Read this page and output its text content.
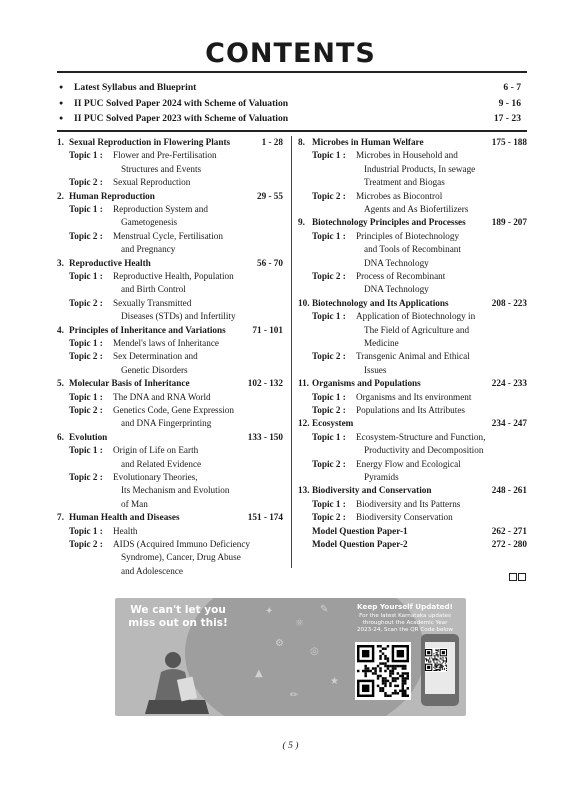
CONTENTS
● Latest Syllabus and Blueprint	6 - 7
● II PUC Solved Paper 2024 with Scheme of Valuation	9 - 16
● II PUC Solved Paper 2023 with Scheme of Valuation	17 - 23
1. Sexual Reproduction in Flowering Plants	1 - 28
Topic 1 :	Flower and Pre-Fertilisation
Structures and Events
Topic 2 :	Sexual Reproduction
2. Human Reproduction	29 - 55
Topic 1 :	Reproduction System and
Gametogenesis
Topic 2 :	Menstrual Cycle, Fertilisation
and Pregnancy
3. Reproductive Health	56 - 70
Topic 1 :	Reproductive Health, Population
and Birth Control
Topic 2 :	Sexually Transmitted
Diseases (STDs) and Infertility
4. Principles of Inheritance and Variations	71 - 101
Topic 1 :	Mendel's laws of Inheritance
Topic 2 :	Sex Determination and
Genetic Disorders
5. Molecular Basis of Inheritance	102 - 132
Topic 1 :	The DNA and RNA World
Topic 2 :	Genetics Code, Gene Expression
and DNA Fingerprinting
6. Evolution	133 - 150
Topic 1 :	Origin of Life on Earth
and Related Evidence
Topic 2 :	Evolutionary Theories,
Its Mechanism and Evolution
of Man
7. Human Health and Diseases	151 - 174
Topic 1 :	Health
Topic 2 :	AIDS (Acquired Immuno Deficiency
Syndrome), Cancer, Drug Abuse
and Adolescence
8. Microbes in Human Welfare	175 - 188
Topic 1 :	Microbes in Household and
Industrial Products, In sewage
Treatment and Biogas
Topic 2 :	Microbes as Biocontrol
Agents and As Biofertilizers
9. Biotechnology Principles and Processes	189 - 207
Topic 1 :	Principles of Biotechnology
and Tools of Recombinant
DNA Technology
Topic 2 :	Process of Recombinant
DNA Technology
10. Biotechnology and Its Applications	208 - 223
Topic 1 :	Application of Biotechnology in
The Field of Agriculture and
Medicine
Topic 2 :	Transgenic Animal and Ethical
Issues
11. Organisms and Populations	224 - 233
Topic 1 :	Organisms and Its environment
Topic 2 :	Populations and Its Attributes
12. Ecosystem	234 - 247
Topic 1 :	Ecosystem-Structure and Function,
Productivity and Decomposition
Topic 2 :	Energy Flow and Ecological
Pyramids
13. Biodiversity and Conservation	248 - 261
Topic 1 :	Biodiversity and Its Patterns
Topic 2 :	Biodiversity Conservation
Model Question Paper-1	262 - 271
Model Question Paper-2	272 - 280
✦
⚛
✎
⚙
◎
▲
★
✏
We can't let you
miss out on this!
Keep Yourself Updated!
For the latest Karnataka updates
throughout the Academic Year
2023-24, Scan the QR Code below
( 5 )
